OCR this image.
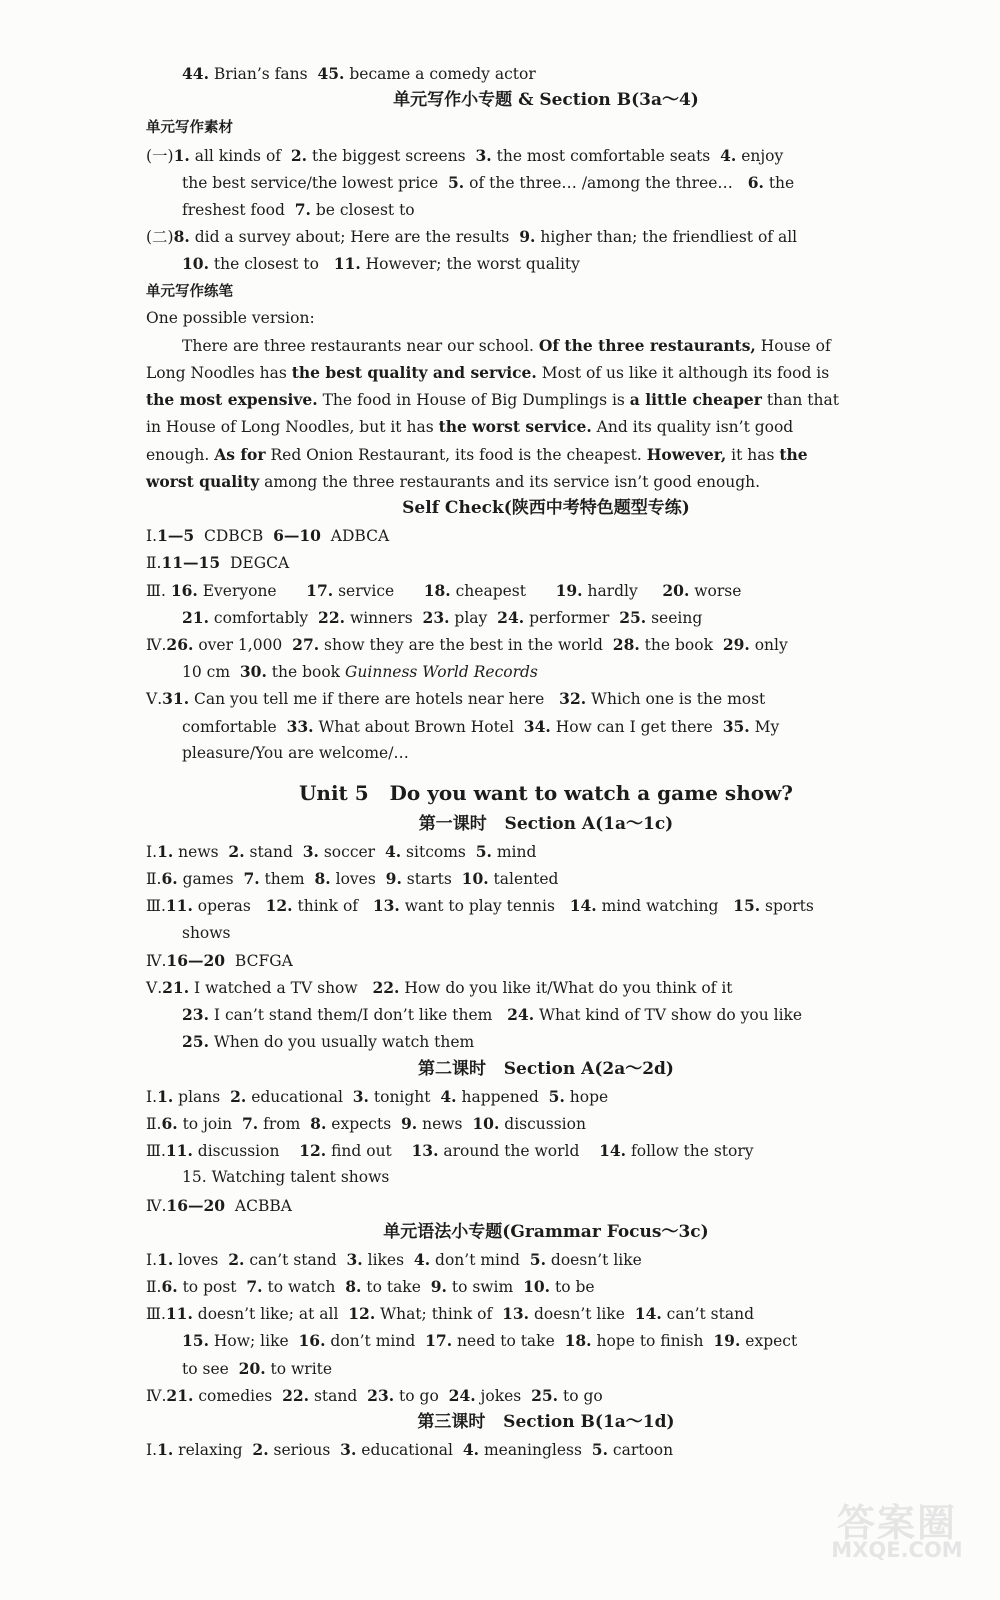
44. Brian’s fans  45. became a comedy actor
单元写作小专题 & Section B(3a～4)
单元写作素材
(一)1. all kinds of  2. the biggest screens  3. the most comfortable seats  4. enjoy
the best service/the lowest price  5. of the three… /among the three…   6. the
freshest food  7. be closest to
(二)8. did a survey about; Here are the results  9. higher than; the friendliest of all
10. the closest to   11. However; the worst quality
单元写作练笔
One possible version:
There are three restaurants near our school. Of the three restaurants, House of
Long Noodles has the best quality and service. Most of us like it although its food is
the most expensive. The food in House of Big Dumplings is a little cheaper than that
in House of Long Noodles, but it has the worst service. And its quality isn’t good
enough. As for Red Onion Restaurant, its food is the cheapest. However, it has the
worst quality among the three restaurants and its service isn’t good enough.
Self Check(陕西中考特色题型专练)
Ⅰ.1—5  CDBCB  6—10  ADBCA
Ⅱ.11—15  DEGCA
Ⅲ. 16. Everyone      17. service      18. cheapest      19. hardly     20. worse
21. comfortably  22. winners  23. play  24. performer  25. seeing
Ⅳ.26. over 1,000  27. show they are the best in the world  28. the book  29. only
10 cm  30. the book Guinness World Records
Ⅴ.31. Can you tell me if there are hotels near here   32. Which one is the most
comfortable  33. What about Brown Hotel  34. How can I get there  35. My
pleasure/You are welcome/…
Unit 5   Do you want to watch a game show?
第一课时   Section A(1a～1c)
Ⅰ.1. news  2. stand  3. soccer  4. sitcoms  5. mind
Ⅱ.6. games  7. them  8. loves  9. starts  10. talented
Ⅲ.11. operas   12. think of   13. want to play tennis   14. mind watching   15. sports
shows
Ⅳ.16—20  BCFGA
Ⅴ.21. I watched a TV show   22. How do you like it/What do you think of it
23. I can’t stand them/I don’t like them   24. What kind of TV show do you like
25. When do you usually watch them
第二课时   Section A(2a～2d)
Ⅰ.1. plans  2. educational  3. tonight  4. happened  5. hope
Ⅱ.6. to join  7. from  8. expects  9. news  10. discussion
Ⅲ.11. discussion    12. find out    13. around the world    14. follow the story
15. Watching talent shows
Ⅳ.16—20  ACBBA
单元语法小专题(Grammar Focus～3c)
Ⅰ.1. loves  2. can’t stand  3. likes  4. don’t mind  5. doesn’t like
Ⅱ.6. to post  7. to watch  8. to take  9. to swim  10. to be
Ⅲ.11. doesn’t like; at all  12. What; think of  13. doesn’t like  14. can’t stand
15. How; like  16. don’t mind  17. need to take  18. hope to finish  19. expect
to see  20. to write
Ⅳ.21. comedies  22. stand  23. to go  24. jokes  25. to go
第三课时   Section B(1a～1d)
Ⅰ.1. relaxing  2. serious  3. educational  4. meaningless  5. cartoon
答案圈
MXQE.COM
